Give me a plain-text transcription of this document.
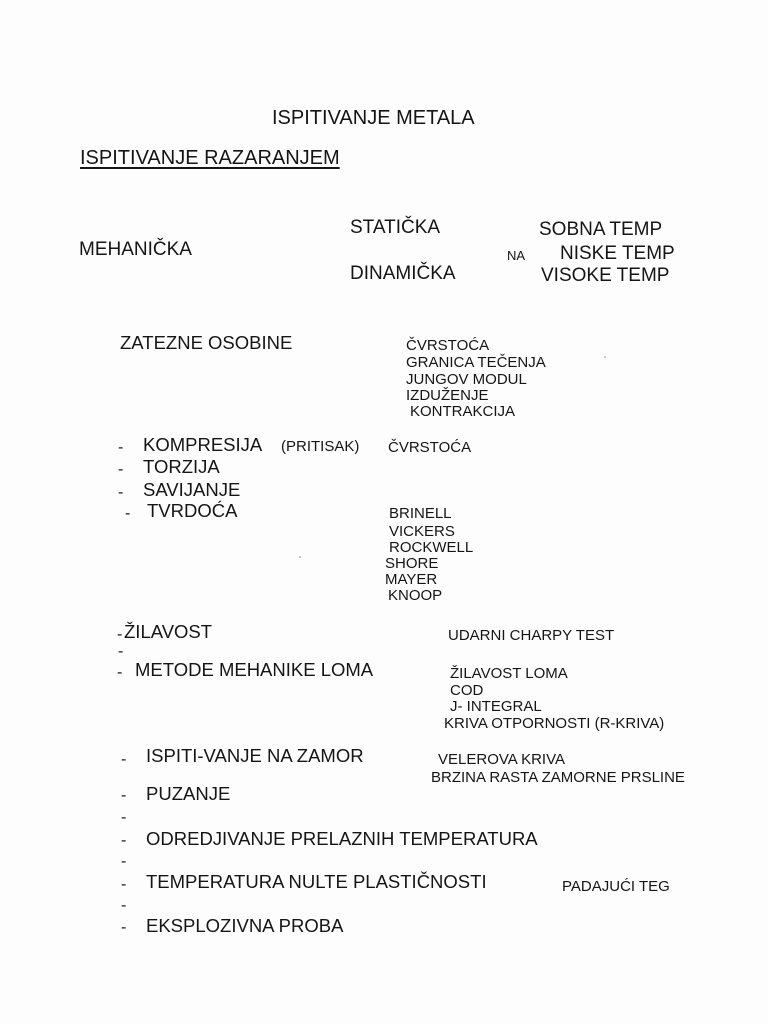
ISPITIVANJE METALA
ISPITIVANJE RAZARANJEM
MEHANIČKA
STATIČKA
DINAMIČKA
NA
SOBNA TEMP
NISKE TEMP
VISOKE TEMP
ZATEZNE OSOBINE	ČVRSTOĆA
GRANICA TEČENJA
JUNGOV MODUL
IZDUŽENJE
KONTRAKCIJA
- KOMPRESIJA (PRITISAK) ČVRSTOĆA
- TORZIJA
- SAVIJANJE
- TVRDOĆA	BRINELL
VICKERS
ROCKWELL
SHORE
MAYER
KNOOP
- ŽILAVOST	UDARNI CHARPY TEST
-
- METODE MEHANIKE LOMA	ŽILAVOST LOMA
COD
J- INTEGRAL
KRIVA OTPORNOSTI (R-KRIVA)
- ISPITI-VANJE NA ZAMOR	VELEROVA KRIVA
BRZINA RASTA ZAMORNE PRSLINE
- PUZANJE
-
- ODREDJIVANJE PRELAZNIH TEMPERATURA
-
- TEMPERATURA NULTE PLASTIČNOSTI	PADAJUĆI TEG
-
- EKSPLOZIVNA PROBA
